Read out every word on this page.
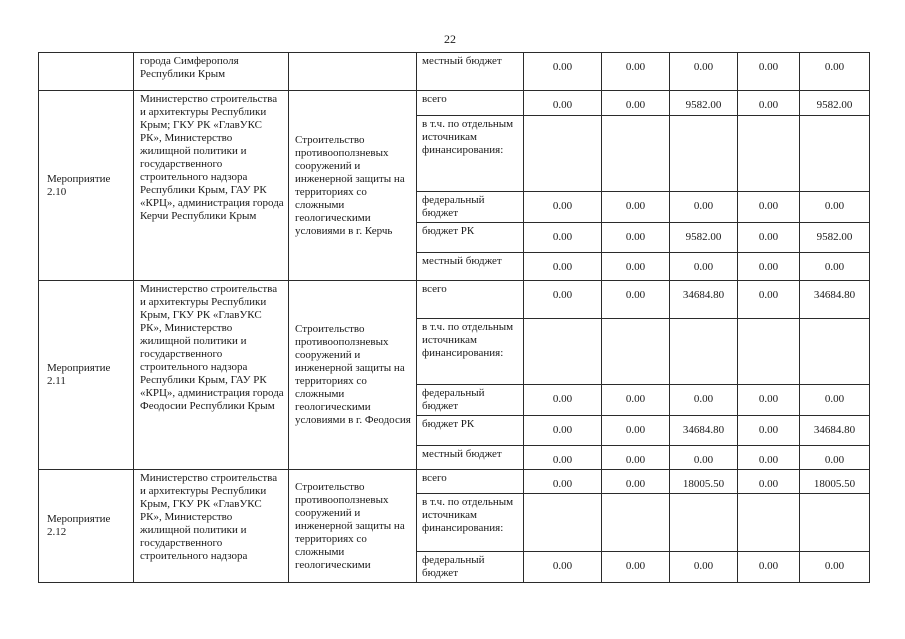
22
	города Симферополя Республики Крым		местный бюджет	0.00	0.00	0.00	0.00	0.00
Мероприятие 2.10	Министерство строительства и архитектуры Республики Крым; ГКУ РК «ГлавУКС РК», Министерство жилищной политики и государственного строительного надзора Республики Крым, ГАУ РК «КРЦ», администрация города Керчи Республики Крым	Строительство противооползневых сооружений и инженерной защиты на территориях со сложными геологическими условиями в г. Керчь	всего	0.00	0.00	9582.00	0.00	9582.00
			в т.ч. по отдельным источникам финансирования:					
			федеральный бюджет	0.00	0.00	0.00	0.00	0.00
			бюджет РК	0.00	0.00	9582.00	0.00	9582.00
			местный бюджет	0.00	0.00	0.00	0.00	0.00
Мероприятие 2.11	Министерство строительства и архитектуры Республики Крым, ГКУ РК «ГлавУКС РК», Министерство жилищной политики и государственного строительного надзора Республики Крым, ГАУ РК «КРЦ», администрация города Феодосии Республики Крым	Строительство противооползневых сооружений и инженерной защиты на территориях со сложными геологическими условиями в г. Феодосия	всего	0.00	0.00	34684.80	0.00	34684.80
			в т.ч. по отдельным источникам финансирования:					
			федеральный бюджет	0.00	0.00	0.00	0.00	0.00
			бюджет РК	0.00	0.00	34684.80	0.00	34684.80
			местный бюджет	0.00	0.00	0.00	0.00	0.00
Мероприятие 2.12	Министерство строительства и архитектуры Республики Крым, ГКУ РК «ГлавУКС РК», Министерство жилищной политики и государственного строительного надзора	Строительство противооползневых сооружений и инженерной защиты на территориях со сложными геологическими	всего	0.00	0.00	18005.50	0.00	18005.50
			в т.ч. по отдельным источникам финансирования:					
			федеральный бюджет	0.00	0.00	0.00	0.00	0.00
